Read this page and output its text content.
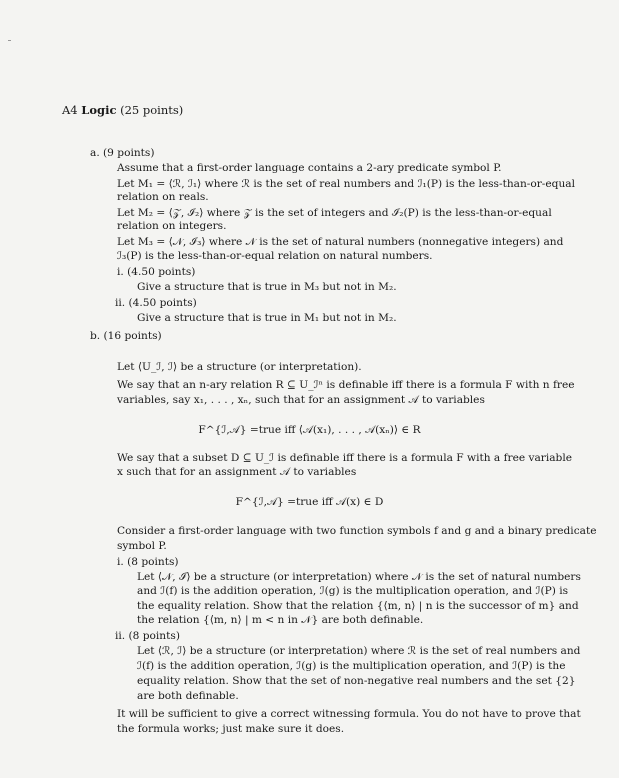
A4 Logic (25 points)
a. (9 points)
Assume that a first-order language contains a 2-ary predicate symbol P.
Let M₁ = ⟨ℛ, ℐ₁⟩ where ℛ is the set of real numbers and ℐ₁(P) is the less-than-or-equal
relation on reals.
Let M₂ = ⟨𝒵, ℐ₂⟩ where 𝒵 is the set of integers and ℐ₂(P) is the less-than-or-equal
relation on integers.
Let M₃ = ⟨𝒩, ℐ₃⟩ where 𝒩 is the set of natural numbers (nonnegative integers) and
ℐ₃(P) is the less-than-or-equal relation on natural numbers.
i. (4.50 points)
Give a structure that is true in M₃ but not in M₂.
ii. (4.50 points)
Give a structure that is true in M₁ but not in M₂.
b. (16 points)
Let ⟨U_ℐ, ℐ⟩ be a structure (or interpretation).
We say that an n-ary relation R ⊆ U_ℐⁿ is definable iff there is a formula F with n free
variables, say x₁, . . . , xₙ, such that for an assignment 𝒜 to variables
F^{ℐ,𝒜} =true iff ⟨𝒜(x₁), . . . , 𝒜(xₙ)⟩ ∈ R
We say that a subset D ⊆ U_ℐ is definable iff there is a formula F with a free variable
x such that for an assignment 𝒜 to variables
F^{ℐ,𝒜} =true iff 𝒜(x) ∈ D
Consider a first-order language with two function symbols f and g and a binary predicate
symbol P.
i. (8 points)
Let ⟨𝒩, ℐ⟩ be a structure (or interpretation) where 𝒩 is the set of natural numbers
and ℐ(f) is the addition operation, ℐ(g) is the multiplication operation, and ℐ(P) is
the equality relation. Show that the relation {⟨m, n⟩ | n is the successor of m} and
the relation {⟨m, n⟩ | m < n in 𝒩} are both definable.
ii. (8 points)
Let ⟨ℛ, ℐ⟩ be a structure (or interpretation) where ℛ is the set of real numbers and
ℐ(f) is the addition operation, ℐ(g) is the multiplication operation, and ℐ(P) is the
equality relation. Show that the set of non-negative real numbers and the set {2}
are both definable.
It will be sufficient to give a correct witnessing formula. You do not have to prove that
the formula works; just make sure it does.
